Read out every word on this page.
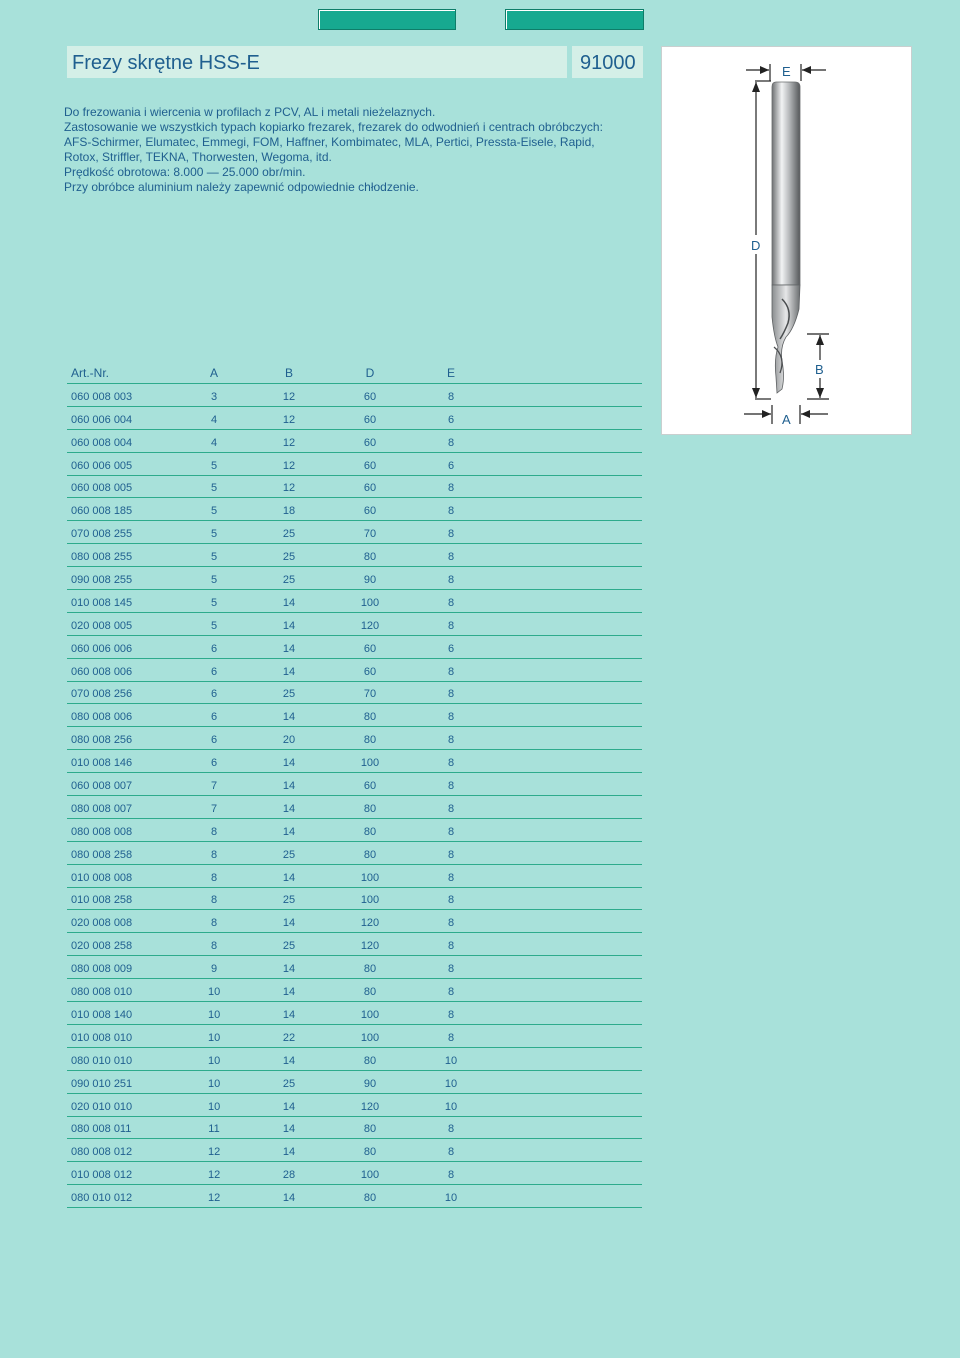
Frezy skrętne HSS-E	91000
Do frezowania i wiercenia w profilach z PCV, AL i metali nieżelaznych.
Zastosowanie we wszystkich typach kopiarko frezarek, frezarek do odwodnień i centrach obróbczych:
AFS-Schirmer, Elumatec, Emmegi, FOM, Haffner, Kombimatec, MLA, Pertici, Pressta-Eisele, Rapid,
Rotox, Striffler, TEKNA, Thorwesten, Wegoma, itd.
Prędkość obrotowa: 8.000 — 25.000 obr/min.
Przy obróbce aluminium należy zapewnić odpowiednie chłodzenie.
Art.-Nr.	A	B	D	E
060 008 003	3	12	60	8
060 006 004	4	12	60	6
060 008 004	4	12	60	8
060 006 005	5	12	60	6
060 008 005	5	12	60	8
060 008 185	5	18	60	8
070 008 255	5	25	70	8
080 008 255	5	25	80	8
090 008 255	5	25	90	8
010 008 145	5	14	100	8
020 008 005	5	14	120	8
060 006 006	6	14	60	6
060 008 006	6	14	60	8
070 008 256	6	25	70	8
080 008 006	6	14	80	8
080 008 256	6	20	80	8
010 008 146	6	14	100	8
060 008 007	7	14	60	8
080 008 007	7	14	80	8
080 008 008	8	14	80	8
080 008 258	8	25	80	8
010 008 008	8	14	100	8
010 008 258	8	25	100	8
020 008 008	8	14	120	8
020 008 258	8	25	120	8
080 008 009	9	14	80	8
080 008 010	10	14	80	8
010 008 140	10	14	100	8
010 008 010	10	22	100	8
080 010 010	10	14	80	10
090 010 251	10	25	90	10
020 010 010	10	14	120	10
080 008 011	11	14	80	8
080 008 012	12	14	80	8
010 008 012	12	28	100	8
080 010 012	12	14	80	10
E
D
B
A
